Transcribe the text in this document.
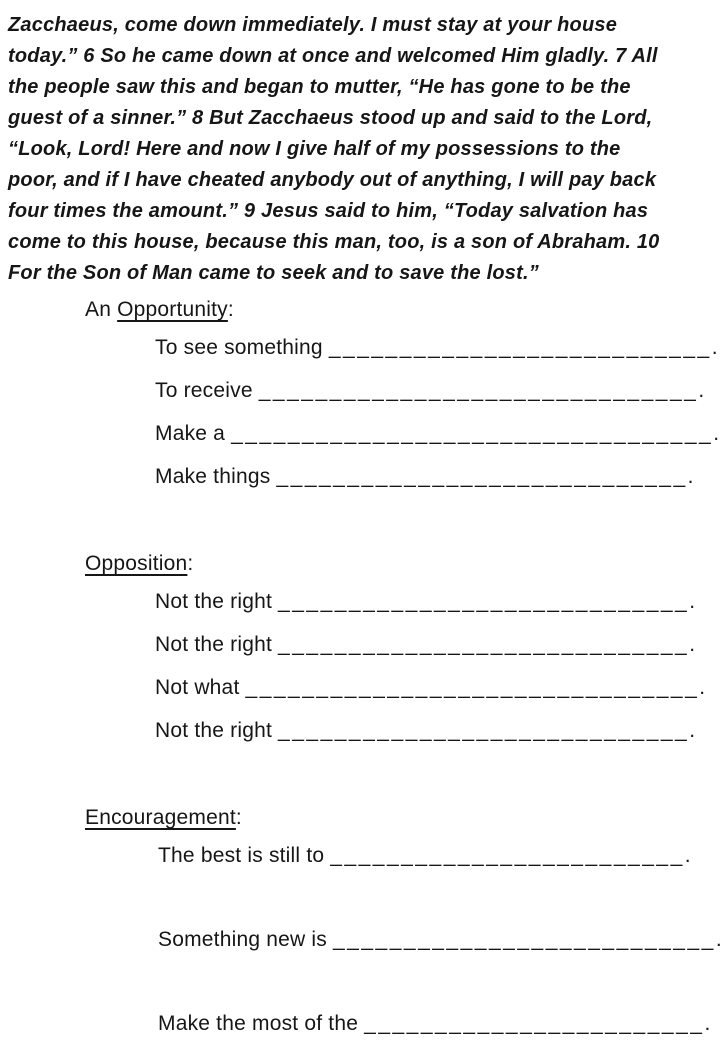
Zacchaeus, come down immediately. I must stay at your house
today.” 6 So he came down at once and welcomed Him gladly. 7 All
the people saw this and began to mutter, “He has gone to be the
guest of a sinner.” 8 But Zacchaeus stood up and said to the Lord,
“Look, Lord! Here and now I give half of my possessions to the
poor, and if I have cheated anybody out of anything, I will pay back
four times the amount.” 9 Jesus said to him, “Today salvation has
come to this house, because this man, too, is a son of Abraham. 10
For the Son of Man came to seek and to save the lost.”
An Opportunity:
To see something ___________________________.
To receive _______________________________.
Make a __________________________________.
Make things _____________________________.
Opposition:
Not the right _____________________________.
Not the right _____________________________.
Not what ________________________________.
Not the right _____________________________.
Encouragement:
The best is still to _________________________.
Something new is ___________________________.
Make the most of the ________________________.
